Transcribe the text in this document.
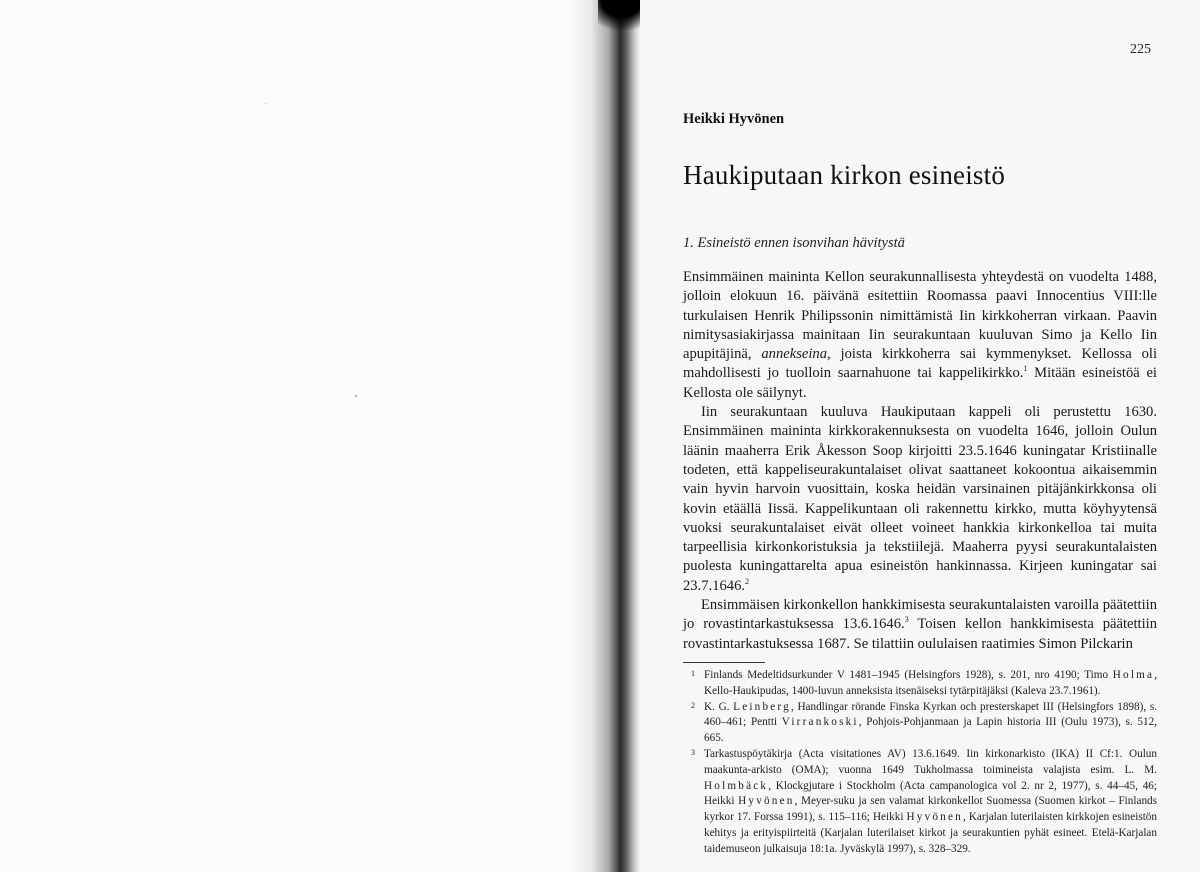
225
Heikki Hyvönen
Haukiputaan kirkon esineistö
1. Esineistö ennen isonvihan hävitystä

Ensimmäinen maininta Kellon seurakunnallisesta yhteydestä on vuodelta 1488, jolloin elokuun 16. päivänä esitettiin Roomassa paavi Innocentius VIII:lle turkulaisen Henrik Philipssonin nimittämistä Iin kirkkoherran virkaan. Paavin nimitysasiakirjassa mainitaan Iin seurakuntaan kuuluvan Simo ja Kello Iin apupitäjinä, annekseina, joista kirkkoherra sai kymmenykset. Kellossa oli mahdollisesti jo tuolloin saarnahuone tai kappelikirkko.$^1$ Mitään esineistöä ei Kellosta ole säilynyt.

Iin seurakuntaan kuuluva Haukiputaan kappeli oli perustettu 1630. Ensimmäinen maininta kirkkorakennuksesta on vuodelta 1646, jolloin Oulun läänin maaherra Erik Åkesson Soop kirjoitti 23.5.1646 kuningatar Kristiinalle todeten, että kappeliseurakuntalaiset olivat saattaneet kokoontua aikaisemmin vain hyvin harvoin vuosittain, koska heidän varsinainen pitäjänkirkkonsa oli kovin etäällä Iissä. Kappelikuntaan oli rakennettu kirkko, mutta köyhyytensä vuoksi seurakuntalaiset eivät olleet voineet hankkia kirkonkelloa tai muita tarpeellisia kirkonkoristuksia ja tekstiilejä. Maaherra pyysi seurakuntalaisten puolesta kuningattarelta apua esineistön hankinnassa. Kirjeen kuningatar sai 23.7.1646.$^2$

Ensimmäisen kirkonkellon hankkimisesta seurakuntalaisten varoilla päätettiin jo rovastintarkastuksessa 13.6.1646.$^3$ Toisen kellon hankkimisesta päätettiin rovastintarkastuksessa 1687. Se tilattiin oululaisen raatimies Simon Pilckarin

1 Finlands Medeltidsurkunder V 1481–1945 (Helsingfors 1928), s. 201, nro 4190; Timo Holma, Kello-Haukipudas, 1400-luvun anneksista itsenäiseksi tytärpitäjäksi (Kaleva 23.7.1961).
2 K. G. Leinberg, Handlingar rörande Finska Kyrkan och presterskapet III (Helsingfors 1898), s. 460–461; Pentti Virrankoski, Pohjois-Pohjanmaan ja Lapin historia III (Oulu 1973), s. 512, 665.
3 Tarkastuspöytäkirja (Acta visitationes AV) 13.6.1649. Iin kirkonarkisto (IKA) II Cf:1. Oulun maakunta-arkisto (OMA); vuonna 1649 Tukholmassa toimineista valajista esim. L. M. Holmbäck, Klockgjutare i Stockholm (Acta campanologica vol 2. nr 2, 1977), s. 44–45, 46; Heikki Hyvönen, Meyer-suku ja sen valamat kirkonkellot Suomessa (Suomen kirkot – Finlands kyrkor 17. Forssa 1991), s. 115–116; Heikki Hyvönen, Karjalan luterilaisten kirkkojen esineistön kehitys ja erityispiirteitä (Karjalan luterilaiset kirkot ja seurakuntien pyhät esineet. Etelä-Karjalan taidemuseon julkaisuja 18:1a. Jyväskylä 1997), s. 328–329.
